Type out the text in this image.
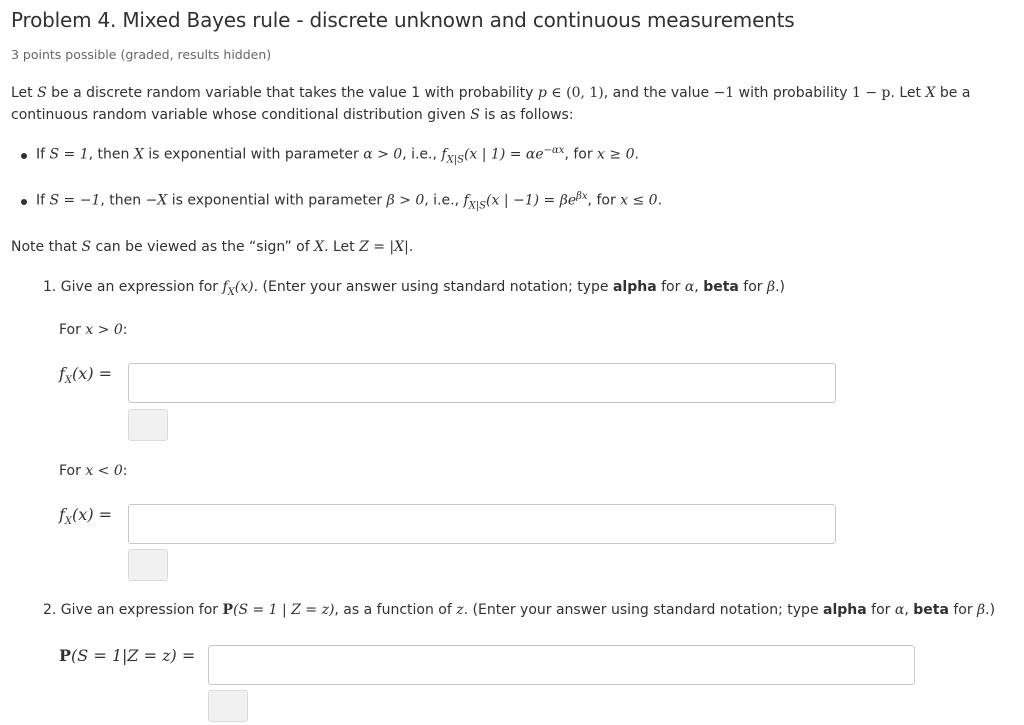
Problem 4. Mixed Bayes rule - discrete unknown and continuous measurements
3 points possible (graded, results hidden)
Let S be a discrete random variable that takes the value 1 with probability p ∈ (0, 1), and the value −1 with probability 1 − p. Let X be a
continuous random variable whose conditional distribution given S is as follows:
If S = 1, then X is exponential with parameter α > 0, i.e., $f_{X|S}(x$ | $1) = \alpha e^{-\alpha x}$, for x ≥ 0.
If S = −1, then −X is exponential with parameter β > 0, i.e., $f_{X|S}(x$ | $-1) = \beta e^{\beta x}$, for x ≤ 0.
Note that S can be viewed as the “sign” of X. Let Z = |X|.
1. Give an expression for $f_X(x)$. (Enter your answer using standard notation; type alpha for α, beta for β.)
For x > 0:
$f_X(x)$ =
For x < 0:
$f_X(x)$ =
2. Give an expression for P(S = 1 | Z = z), as a function of z. (Enter your answer using standard notation; type alpha for α, beta for β.)
P(S = 1|Z = z) =
